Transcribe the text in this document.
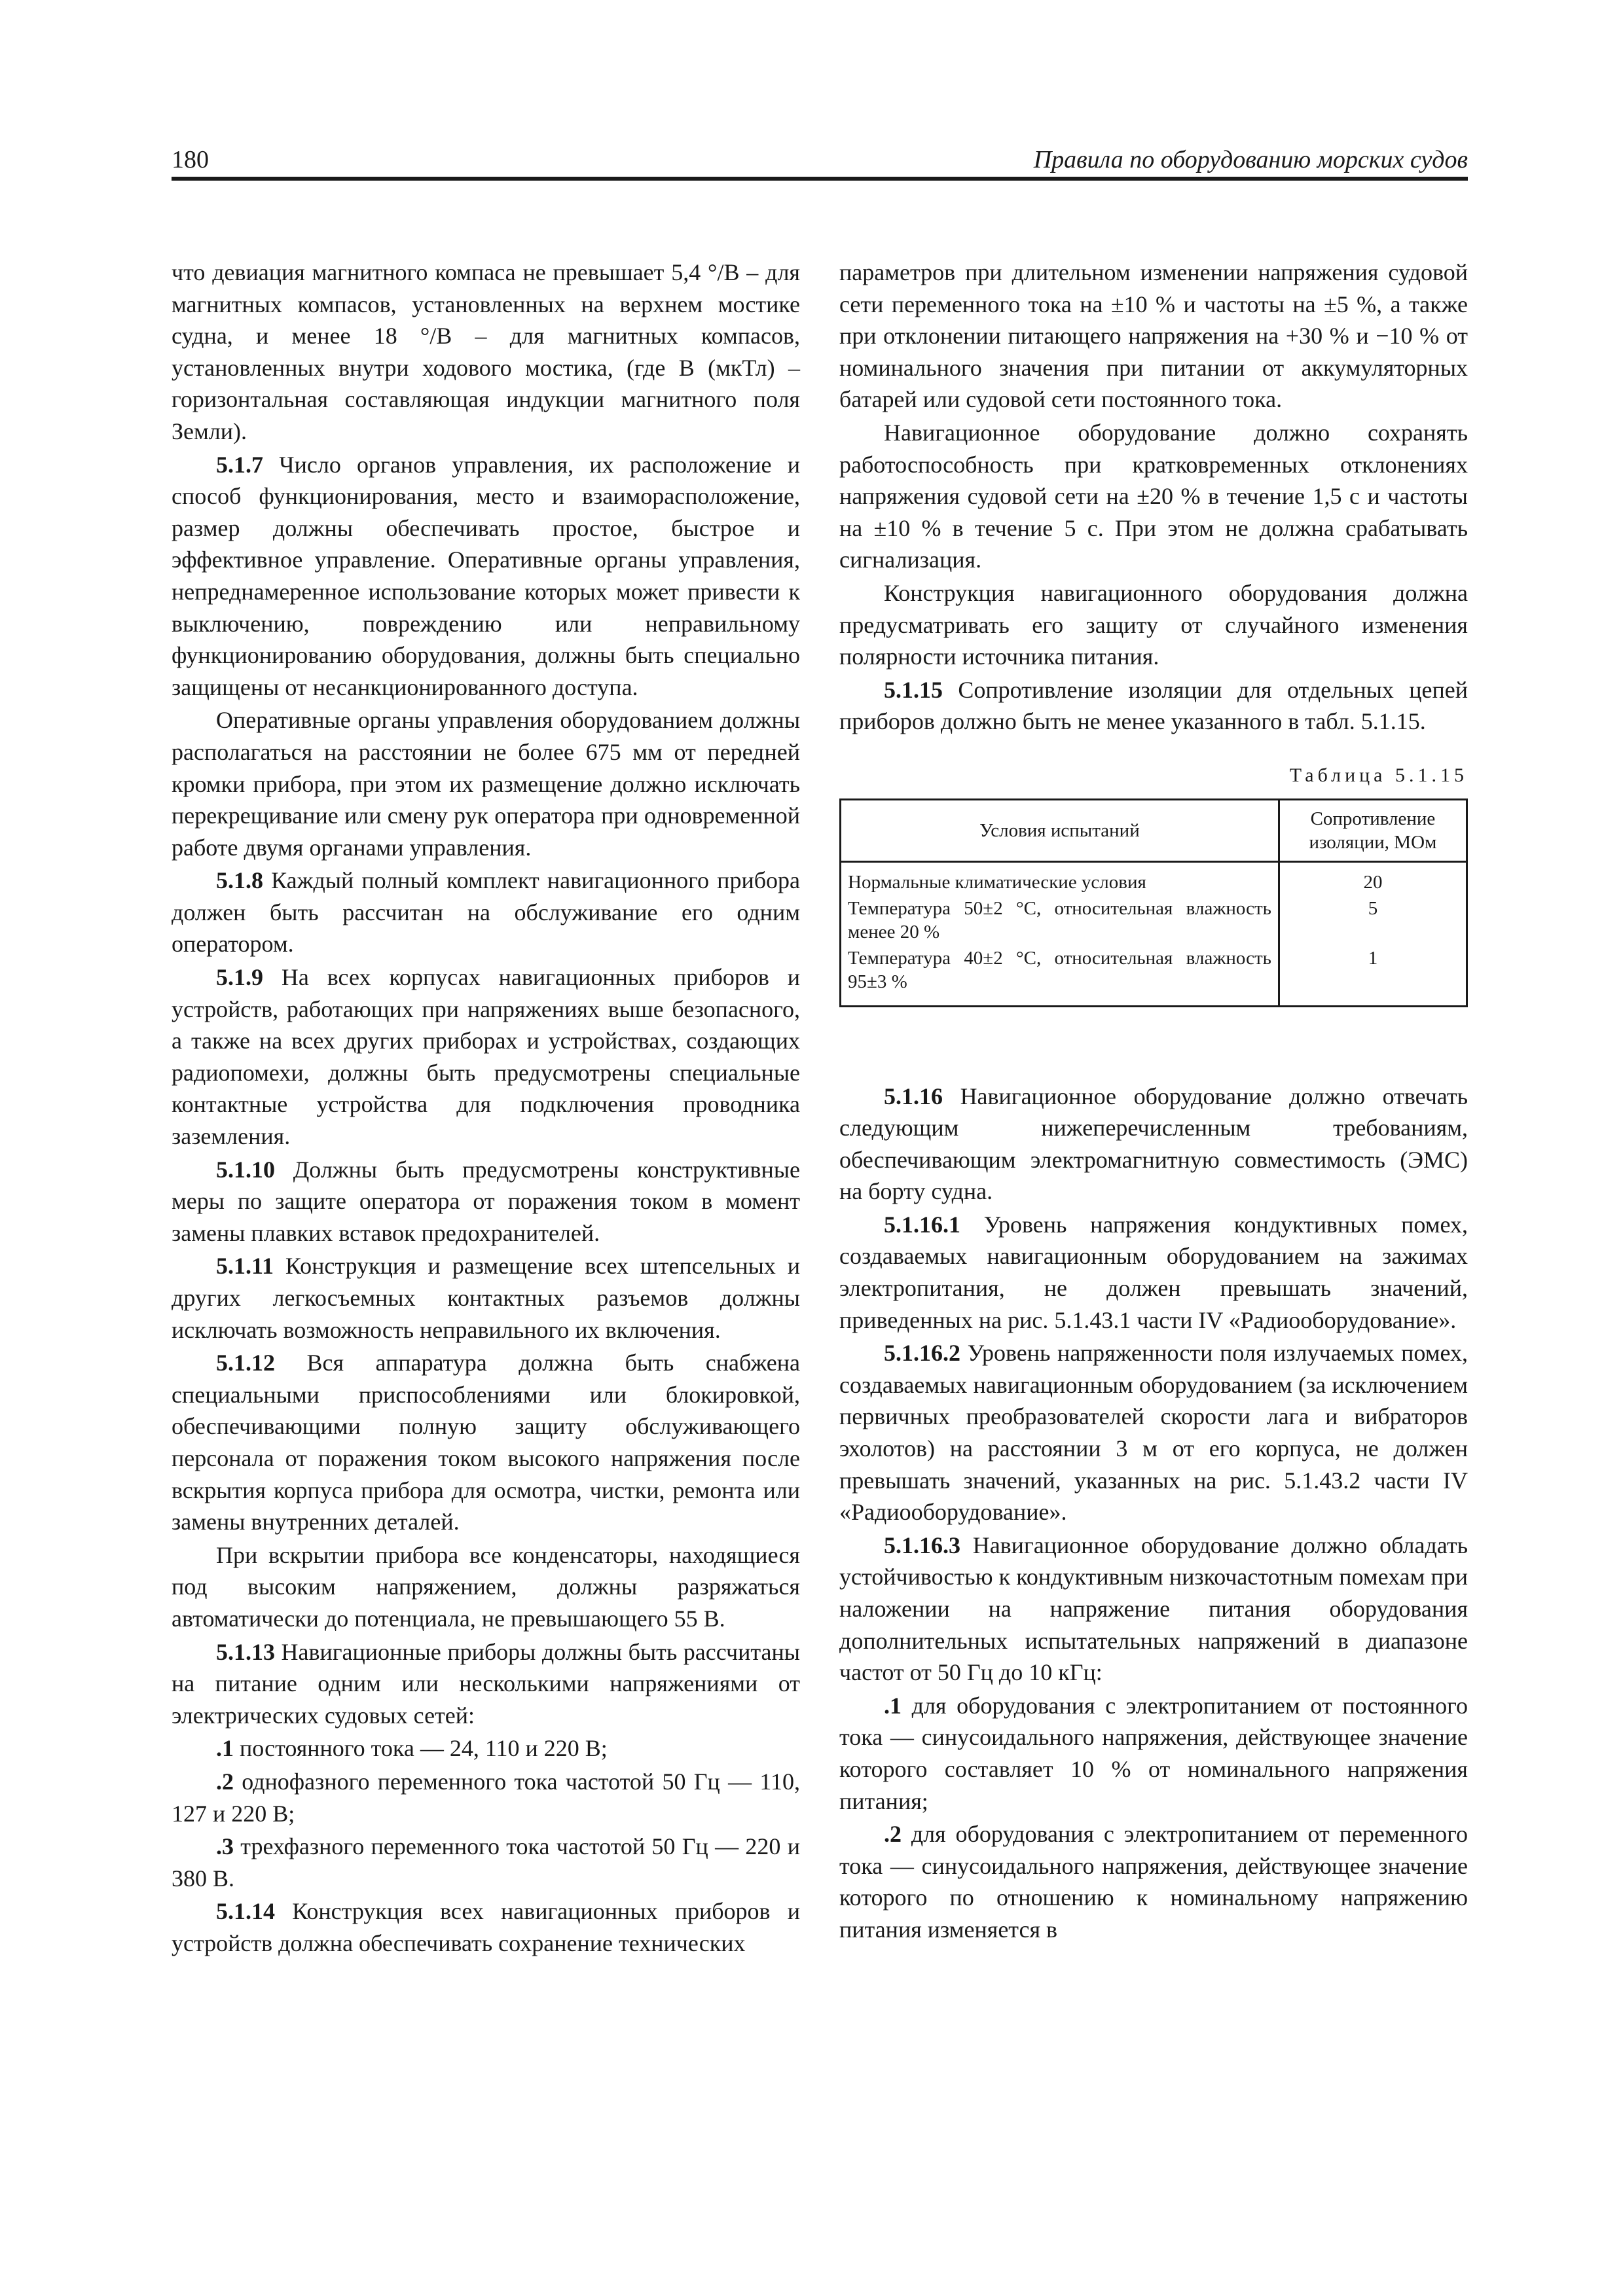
180	Правила по оборудованию морских судов

что девиация магнитного компаса не превышает 5,4 °/В – для магнитных компасов, установленных на верхнем мостике судна, и менее 18 °/В – для магнитных компасов, установленных внутри ходового мостика, (где В (мкТл) – горизонтальная составляющая индукции магнитного поля Земли).

5.1.7 Число органов управления, их расположение и способ функционирования, место и взаиморасположение, размер должны обеспечивать простое, быстрое и эффективное управление. Оперативные органы управления, непреднамеренное использование которых может привести к выключению, повреждению или неправильному функционированию оборудования, должны быть специально защищены от несанкционированного доступа.

Оперативные органы управления оборудованием должны располагаться на расстоянии не более 675 мм от передней кромки прибора, при этом их размещение должно исключать перекрещивание или смену рук оператора при одновременной работе двумя органами управления.

5.1.8 Каждый полный комплект навигационного прибора должен быть рассчитан на обслуживание его одним оператором.

5.1.9 На всех корпусах навигационных приборов и устройств, работающих при напряжениях выше безопасного, а также на всех других приборах и устройствах, создающих радиопомехи, должны быть предусмотрены специальные контактные устройства для подключения проводника заземления.

5.1.10 Должны быть предусмотрены конструктивные меры по защите оператора от поражения током в момент замены плавких вставок предохранителей.

5.1.11 Конструкция и размещение всех штепсельных и других легкосъемных контактных разъемов должны исключать возможность неправильного их включения.

5.1.12 Вся аппаратура должна быть снабжена специальными приспособлениями или блокировкой, обеспечивающими полную защиту обслуживающего персонала от поражения током высокого напряжения после вскрытия корпуса прибора для осмотра, чистки, ремонта или замены внутренних деталей.

При вскрытии прибора все конденсаторы, находящиеся под высоким напряжением, должны разряжаться автоматически до потенциала, не превышающего 55 В.

5.1.13 Навигационные приборы должны быть рассчитаны на питание одним или несколькими напряжениями от электрических судовых сетей:

.1 постоянного тока — 24, 110 и 220 В;

.2 однофазного переменного тока частотой 50 Гц — 110, 127 и 220 В;

.3 трехфазного переменного тока частотой 50 Гц — 220 и 380 В.

5.1.14 Конструкция всех навигационных приборов и устройств должна обеспечивать сохранение технических

параметров при длительном изменении напряжения судовой сети переменного тока на ±10 % и частоты на ±5 %, а также при отклонении питающего напряжения на +30 % и −10 % от номинального значения при питании от аккумуляторных батарей или судовой сети постоянного тока.

Навигационное оборудование должно сохранять работоспособность при кратковременных отклонениях напряжения судовой сети на ±20 % в течение 1,5 с и частоты на ±10 % в течение 5 с. При этом не должна срабатывать сигнализация.

Конструкция навигационного оборудования должна предусматривать его защиту от случайного изменения полярности источника питания.

5.1.15 Сопротивление изоляции для отдельных цепей приборов должно быть не менее указанного в табл. 5.1.15.

Таблица 5.1.15
Условия испытаний	Сопротивление изоляции, МОм
Нормальные климатические условия	20
Температура 50±2 °C, относительная влажность менее 20 %	5
Температура 40±2 °C, относительная влажность 95±3 %	1

5.1.16 Навигационное оборудование должно отвечать следующим нижеперечисленным требованиям, обеспечивающим электромагнитную совместимость (ЭМС) на борту судна.

5.1.16.1 Уровень напряжения кондуктивных помех, создаваемых навигационным оборудованием на зажимах электропитания, не должен превышать значений, приведенных на рис. 5.1.43.1 части IV «Радиооборудование».

5.1.16.2 Уровень напряженности поля излучаемых помех, создаваемых навигационным оборудованием (за исключением первичных преобразователей скорости лага и вибраторов эхолотов) на расстоянии 3 м от его корпуса, не должен превышать значений, указанных на рис. 5.1.43.2 части IV «Радиооборудование».

5.1.16.3 Навигационное оборудование должно обладать устойчивостью к кондуктивным низкочастотным помехам при наложении на напряжение питания оборудования дополнительных испытательных напряжений в диапазоне частот от 50 Гц до 10 кГц:

.1 для оборудования с электропитанием от постоянного тока — синусоидального напряжения, действующее значение которого составляет 10 % от номинального напряжения питания;

.2 для оборудования с электропитанием от переменного тока — синусоидального напряжения, действующее значение которого по отношению к номинальному напряжению питания изменяется в
